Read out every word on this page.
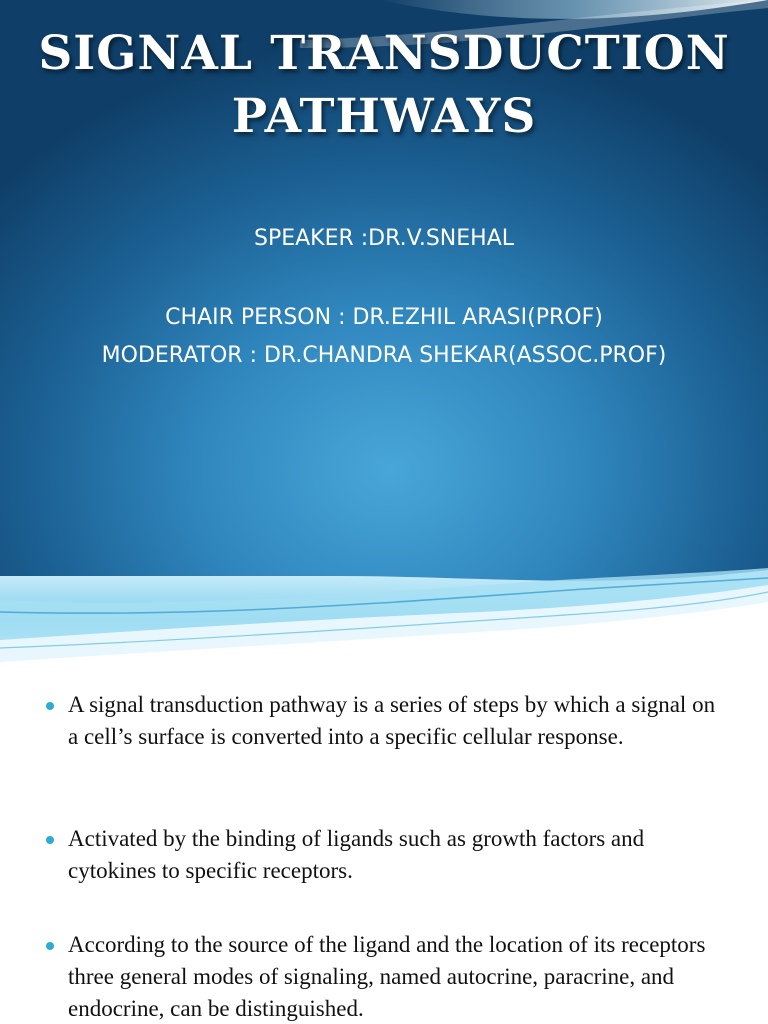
SIGNAL TRANSDUCTION
PATHWAYS

SPEAKER :DR.V.SNEHAL

CHAIR PERSON : DR.EZHIL ARASI(PROF)

MODERATOR : DR.CHANDRA SHEKAR(ASSOC.PROF)

A signal transduction pathway is a series of steps by which a signal on a cell’s surface is converted into a specific cellular response.
Activated by the binding of ligands such as growth factors and cytokines to specific receptors.
According to the source of the ligand and the location of its receptors three general modes of signaling, named autocrine, paracrine, and endocrine, can be distinguished.
